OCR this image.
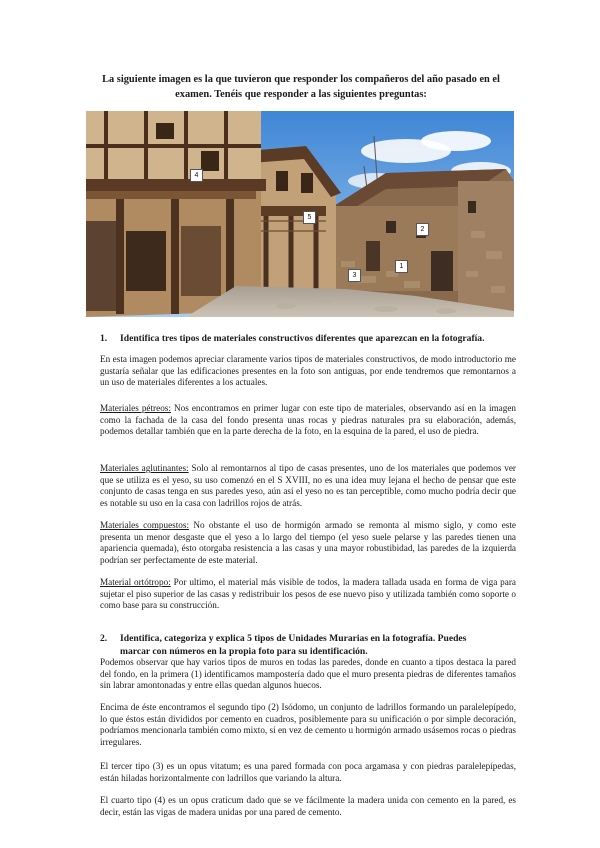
La siguiente imagen es la que tuvieron que responder los compañeros del año pasado en el examen. Tenéis que responder a las siguientes preguntas:
4
5
2
1
3
1. Identifica tres tipos de materiales constructivos diferentes que aparezcan en la fotografía.
En esta imagen podemos apreciar claramente varios tipos de materiales constructivos, de modo introductorio me gustaría señalar que las edificaciones presentes en la foto son antiguas, por ende tendremos que remontarnos a un uso de materiales diferentes a los actuales.
Materiales pétreos: Nos encontramos en primer lugar con este tipo de materiales, observando así en la imagen como la fachada de la casa del fondo presenta unas rocas y piedras naturales pra su elaboración, además, podemos detallar también que en la parte derecha de la foto, en la esquina de la pared, el uso de piedra.
Materiales aglutinantes: Solo al remontarnos al tipo de casas presentes, uno de los materiales que podemos ver que se utiliza es el yeso, su uso comenzó en el S XVIII, no es una idea muy lejana el hecho de pensar que este conjunto de casas tenga en sus paredes yeso, aún así el yeso no es tan perceptible, como mucho podría decir que es notable su uso en la casa con ladrillos rojos de atrás.
Materiales compuestos: No obstante el uso de hormigón armado se remonta al mismo siglo, y como este presenta un menor desgaste que el yeso a lo largo del tiempo (el yeso suele pelarse y las paredes tienen una apariencia quemada), ésto otorgaba resistencia a las casas y una mayor robustibidad, las paredes de la izquierda podrían ser perfectamente de este material.
Material ortótropo: Por ultimo, el material más visible de todos, la madera tallada usada en forma de viga para sujetar el piso superior de las casas y redistribuir los pesos de ese nuevo piso y utilizada también como soporte o como base para su construcción.
2. Identifica, categoriza y explica 5 tipos de Unidades Murarias en la fotografía. Puedes
marcar con números en la propia foto para su identificación.
Podemos observar que hay varios tipos de muros en todas las paredes, donde en cuanto a tipos destaca la pared del fondo, en la primera (1) identificamos mampostería dado que el muro presenta piedras de diferentes tamaños sin labrar amontonadas y entre ellas quedan algunos huecos.
Encima de éste encontramos el segundo tipo (2) Isódomo, un conjunto de ladrillos formando un paralelepípedo, lo que éstos están divididos por cemento en cuadros, posiblemente para su unificación o por simple decoración, podríamos mencionarla también como mixto, si en vez de cemento u hormigón armado usásemos rocas o piedras irregulares.
El tercer tipo (3) es un opus vitatum; es una pared formada con poca argamasa y con piedras paralelepípedas, están hiladas horizontalmente con ladrillos que variando la altura.
El cuarto tipo (4) es un opus craticum dado que se ve fácilmente la madera unida con cemento en la pared, es decir, están las vigas de madera unidas por una pared de cemento.
